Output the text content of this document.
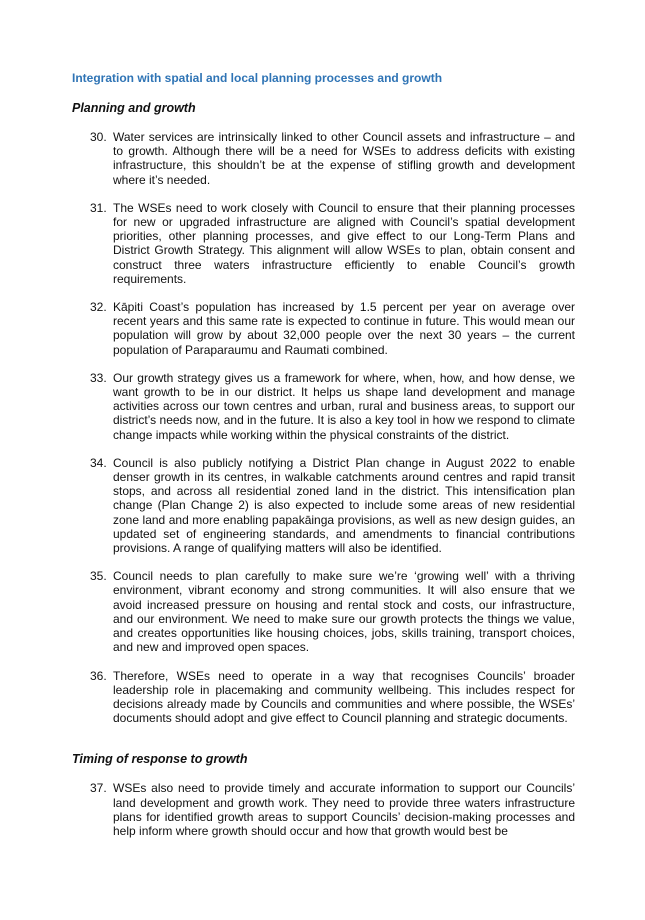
Integration with spatial and local planning processes and growth
Planning and growth
30. Water services are intrinsically linked to other Council assets and infrastructure – and to growth. Although there will be a need for WSEs to address deficits with existing infrastructure, this shouldn’t be at the expense of stifling growth and development where it’s needed.
31. The WSEs need to work closely with Council to ensure that their planning processes for new or upgraded infrastructure are aligned with Council’s spatial development priorities, other planning processes, and give effect to our Long-Term Plans and District Growth Strategy. This alignment will allow WSEs to plan, obtain consent and construct three waters infrastructure efficiently to enable Council’s growth requirements.
32. Kāpiti Coast’s population has increased by 1.5 percent per year on average over recent years and this same rate is expected to continue in future. This would mean our population will grow by about 32,000 people over the next 30 years – the current population of Paraparaumu and Raumati combined.
33. Our growth strategy gives us a framework for where, when, how, and how dense, we want growth to be in our district. It helps us shape land development and manage activities across our town centres and urban, rural and business areas, to support our district’s needs now, and in the future. It is also a key tool in how we respond to climate change impacts while working within the physical constraints of the district.
34. Council is also publicly notifying a District Plan change in August 2022 to enable denser growth in its centres, in walkable catchments around centres and rapid transit stops, and across all residential zoned land in the district. This intensification plan change (Plan Change 2) is also expected to include some areas of new residential zone land and more enabling papakāinga provisions, as well as new design guides, an updated set of engineering standards, and amendments to financial contributions provisions. A range of qualifying matters will also be identified.
35. Council needs to plan carefully to make sure we’re ‘growing well’ with a thriving environment, vibrant economy and strong communities. It will also ensure that we avoid increased pressure on housing and rental stock and costs, our infrastructure, and our environment. We need to make sure our growth protects the things we value, and creates opportunities like housing choices, jobs, skills training, transport choices, and new and improved open spaces.
36. Therefore, WSEs need to operate in a way that recognises Councils’ broader leadership role in placemaking and community wellbeing. This includes respect for decisions already made by Councils and communities and where possible, the WSEs’ documents should adopt and give effect to Council planning and strategic documents.
Timing of response to growth
37. WSEs also need to provide timely and accurate information to support our Councils’ land development and growth work. They need to provide three waters infrastructure plans for identified growth areas to support Councils’ decision-making processes and help inform where growth should occur and how that growth would best be
